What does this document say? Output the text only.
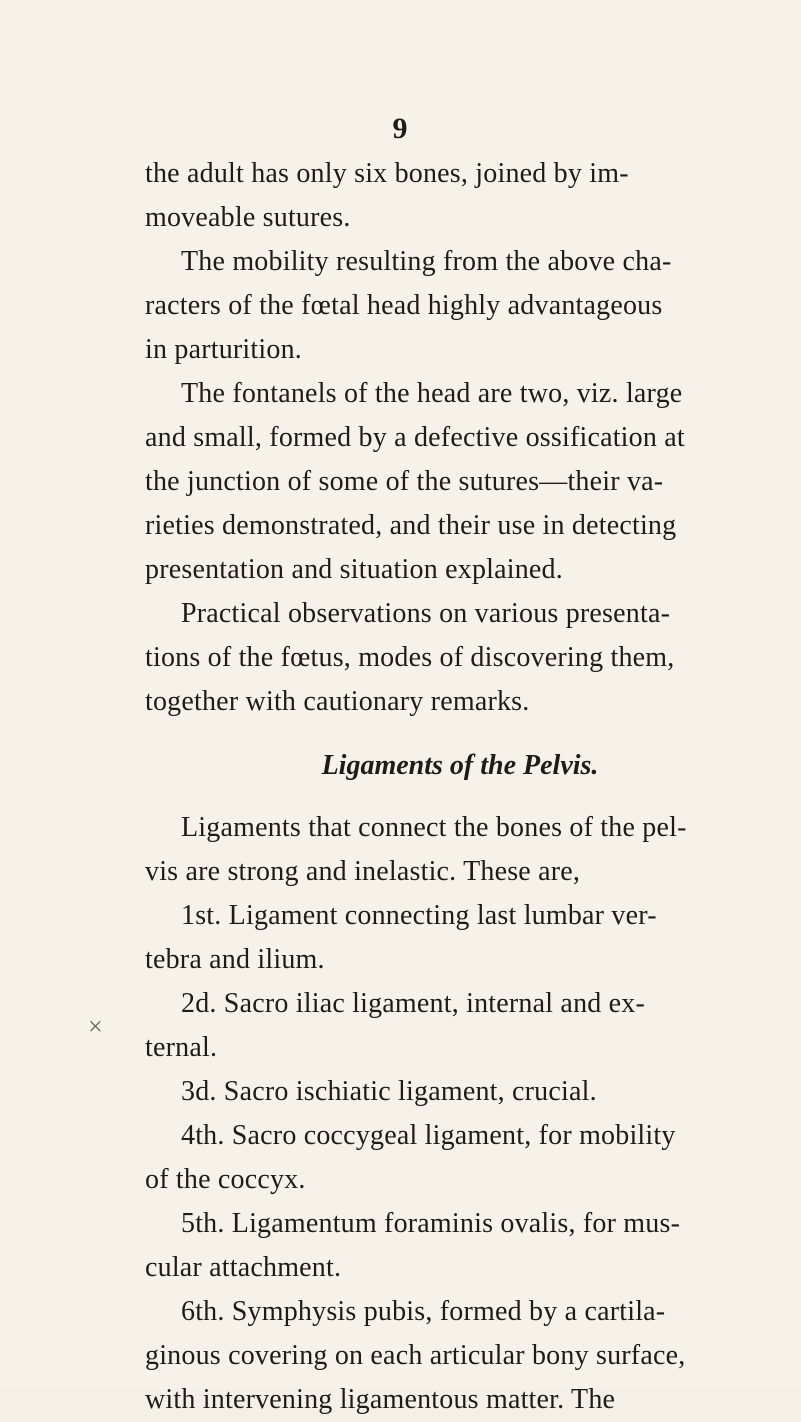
9
×
the adult has only six bones, joined by im-
moveable sutures.
The mobility resulting from the above cha-
racters of the fœtal head highly advantageous
in parturition.
The fontanels of the head are two, viz. large
and small, formed by a defective ossification at
the junction of some of the sutures—their va-
rieties demonstrated, and their use in detecting
presentation and situation explained.
Practical observations on various presenta-
tions of the fœtus, modes of discovering them,
together with cautionary remarks.
Ligaments of the Pelvis.
Ligaments that connect the bones of the pel-
vis are strong and inelastic. These are,
1st. Ligament connecting last lumbar ver-
tebra and ilium.
2d. Sacro iliac ligament, internal and ex-
ternal.
3d. Sacro ischiatic ligament, crucial.
4th. Sacro coccygeal ligament, for mobility
of the coccyx.
5th. Ligamentum foraminis ovalis, for mus-
cular attachment.
6th. Symphysis pubis, formed by a cartila-
ginous covering on each articular bony surface,
with intervening ligamentous matter. The
